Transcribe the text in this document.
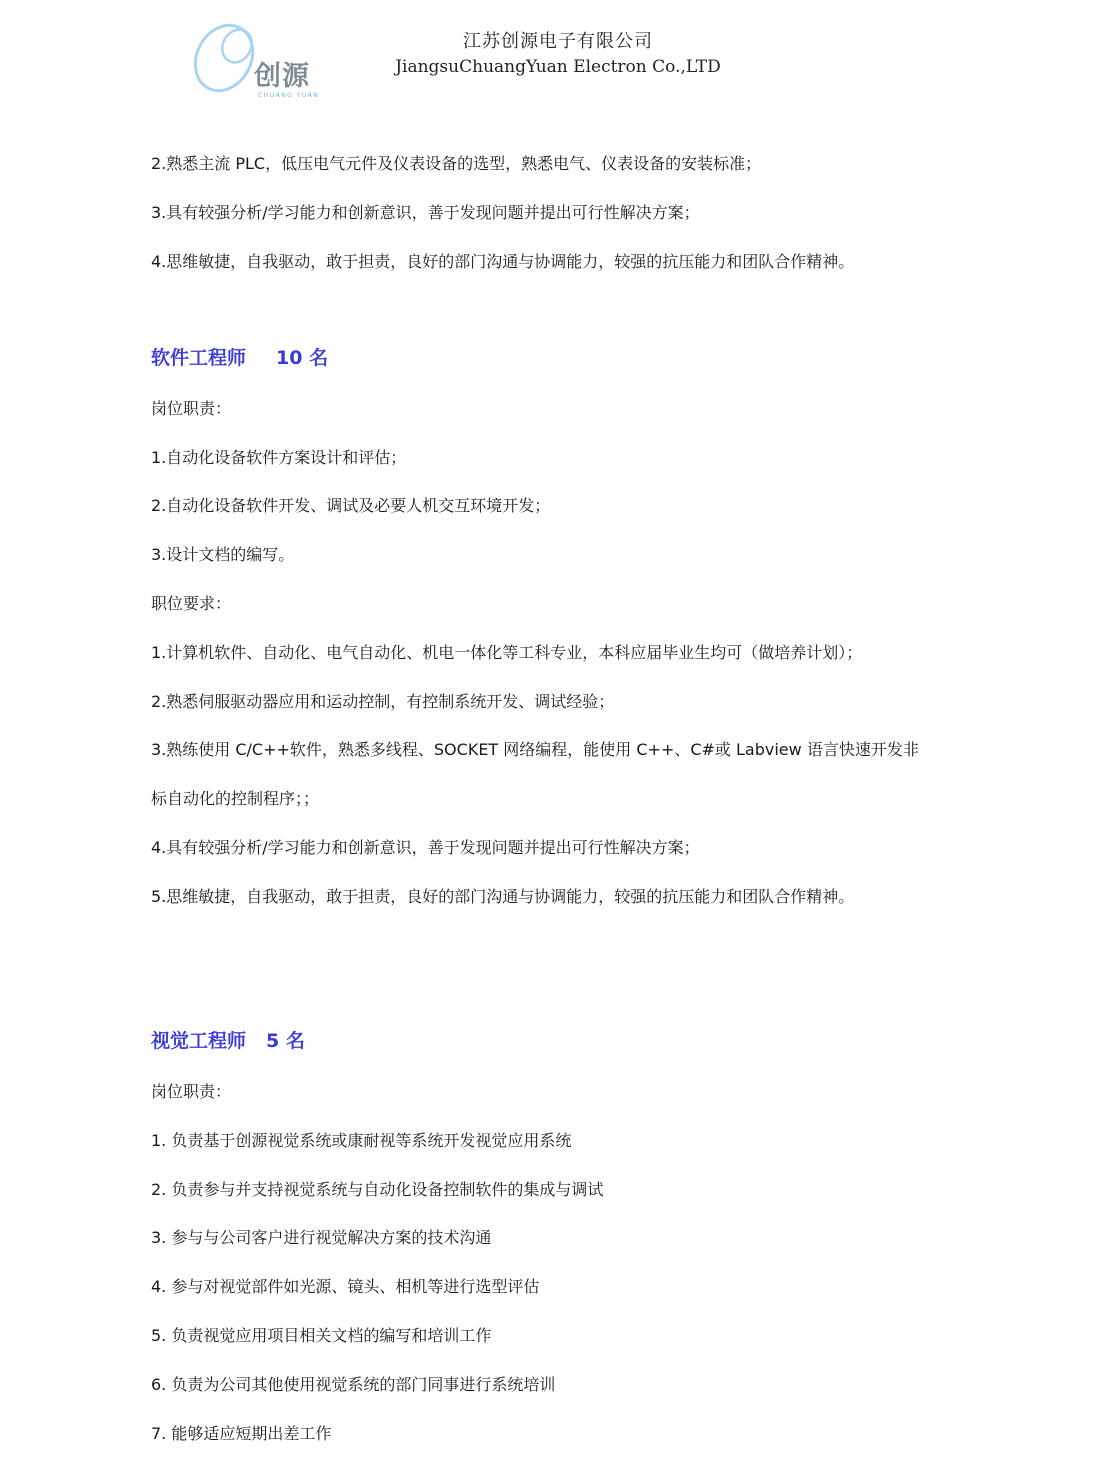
创源
CHUANG YUAN
江苏创源电子有限公司
JiangsuChuangYuan Electron Co.,LTD

2.熟悉主流 PLC，低压电气元件及仪表设备的选型，熟悉电气、仪表设备的安装标准；

3.具有较强分析/学习能力和创新意识，善于发现问题并提出可行性解决方案；

4.思维敏捷，自我驱动，敢于担责，良好的部门沟通与协调能力，较强的抗压能力和团队合作精神。

软件工程师 10 名

岗位职责：

1.自动化设备软件方案设计和评估；

2.自动化设备软件开发、调试及必要人机交互环境开发；

3.设计文档的编写。

职位要求：

1.计算机软件、自动化、电气自动化、机电一体化等工科专业，本科应届毕业生均可（做培养计划）；

2.熟悉伺服驱动器应用和运动控制，有控制系统开发、调试经验；

3.熟练使用 C/C++软件，熟悉多线程、SOCKET 网络编程，能使用 C++、C#或 Labview 语言快速开发非

标自动化的控制程序；；

4.具有较强分析/学习能力和创新意识，善于发现问题并提出可行性解决方案；

5.思维敏捷，自我驱动，敢于担责，良好的部门沟通与协调能力，较强的抗压能力和团队合作精神。

视觉工程师 5 名

岗位职责：

1. 负责基于创源视觉系统或康耐视等系统开发视觉应用系统

2. 负责参与并支持视觉系统与自动化设备控制软件的集成与调试

3. 参与与公司客户进行视觉解决方案的技术沟通

4. 参与对视觉部件如光源、镜头、相机等进行选型评估

5. 负责视觉应用项目相关文档的编写和培训工作

6. 负责为公司其他使用视觉系统的部门同事进行系统培训

7. 能够适应短期出差工作
